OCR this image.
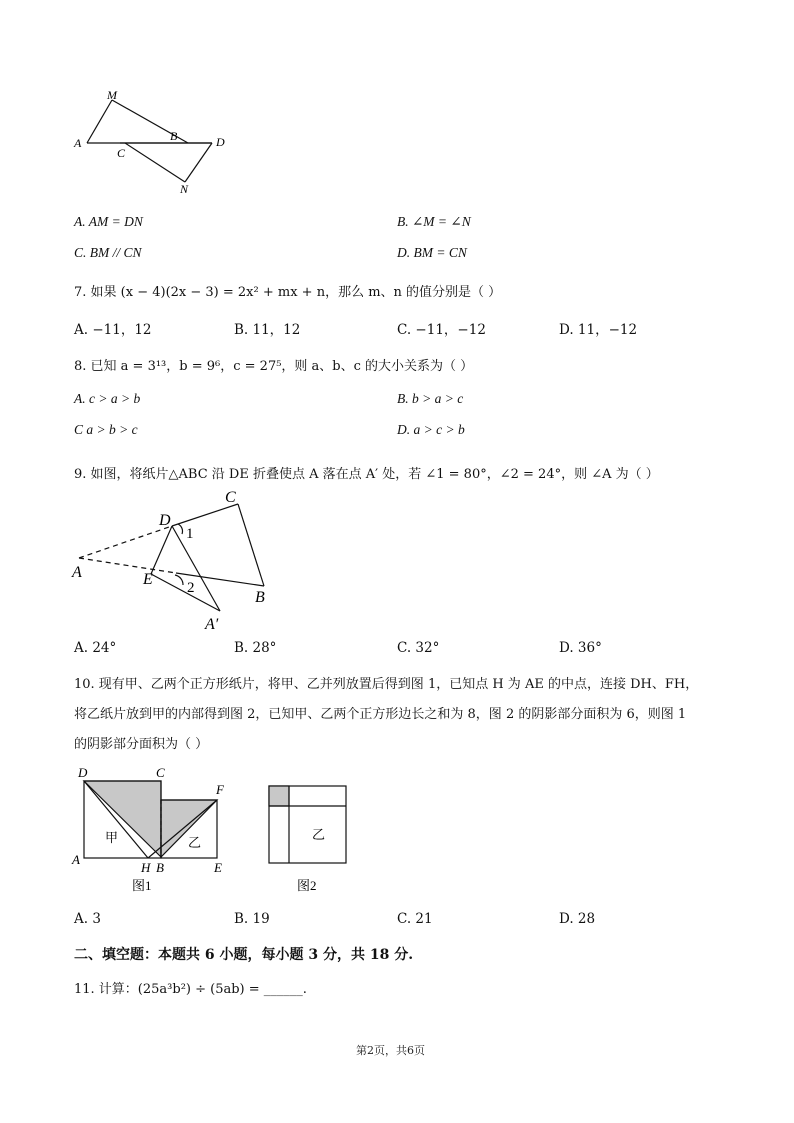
M
A	B
C
D
N
A. AM = DN	B. ∠M = ∠N
C. BM // CN	D. BM = CN
7. 如果 (x − 4)(2x − 3) = 2x² + mx + n，那么 m、n 的值分别是（ ）
A. −11，12	B. 11，12	C. −11，−12	D. 11，−12
8. 已知 a = 3¹³，b = 9⁶，c = 27⁵，则 a、b、c 的大小关系为（ ）
A. c > a > b	B. b > a > c
C a > b > c	D. a > c > b
9. 如图，将纸片△ABC 沿 DE 折叠使点 A 落在点 A′ 处，若 ∠1 = 80°，∠2 = 24°，则 ∠A 为（ ）
C
D
1
A	E 2
B
A′
A. 24°	B. 28°	C. 32°	D. 36°
10. 现有甲、乙两个正方形纸片，将甲、乙并列放置后得到图 1，已知点 H 为 AE 的中点，连接 DH、FH，
将乙纸片放到甲的内部得到图 2，已知甲、乙两个正方形边长之和为 8，图 2 的阴影部分面积为 6，则图 1
的阴影部分面积为（ ）
D	C
F
甲	乙
A
H B	E
图1
乙
图2
A. 3	B. 19	C. 21	D. 28
二、填空题：本题共 6 小题，每小题 3 分，共 18 分.
11. 计算：(25a³b²) ÷ (5ab) = ______.
第2页，共6页
